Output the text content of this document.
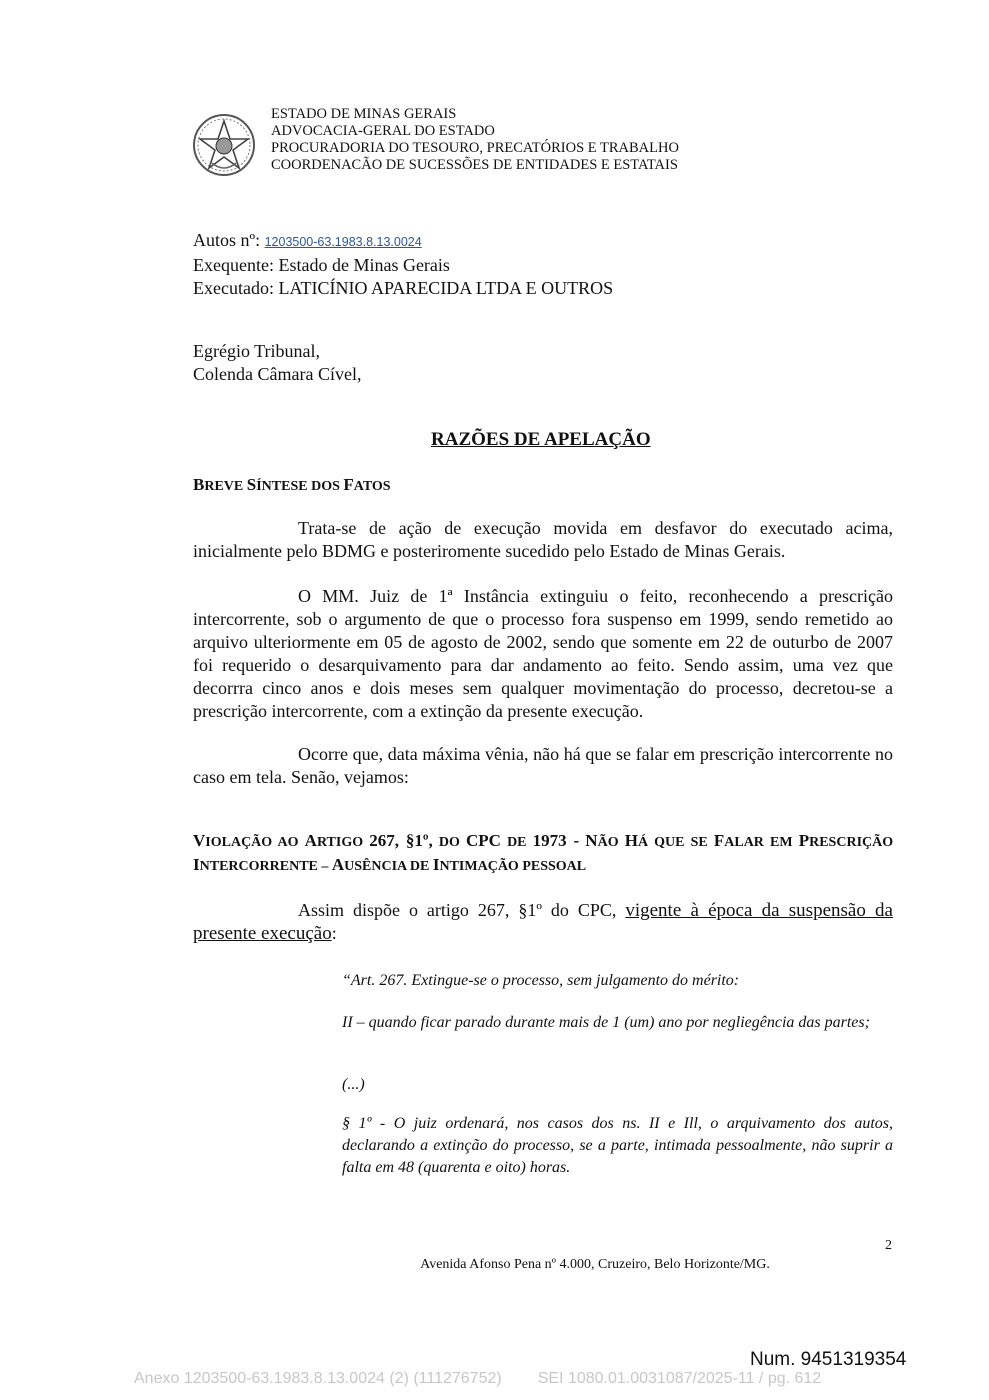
ESTADO DE MINAS GERAIS
ADVOCACIA-GERAL DO ESTADO
PROCURADORIA DO TESOURO, PRECATÓRIOS E TRABALHO
COORDENACÃO DE SUCESSÕES DE ENTIDADES E ESTATAIS
Autos nº: 1203500-63.1983.8.13.0024
Exequente: Estado de Minas Gerais
Executado: LATICÍNIO APARECIDA LTDA E OUTROS
Egrégio Tribunal,
Colenda Câmara Cível,
RAZÕES DE APELAÇÃO
BREVE SÍNTESE DOS FATOS
Trata-se de ação de execução movida em desfavor do executado acima, inicialmente pelo BDMG e posteriromente sucedido pelo Estado de Minas Gerais.
O MM. Juiz de 1ª Instância extinguiu o feito, reconhecendo a prescrição intercorrente, sob o argumento de que o processo fora suspenso em 1999, sendo remetido ao arquivo ulteriormente em 05 de agosto de 2002, sendo que somente em 22 de outurbo de 2007 foi requerido o desarquivamento para dar andamento ao feito. Sendo assim, uma vez que decorrra cinco anos e dois meses sem qualquer movimentação do processo, decretou-se a prescrição intercorrente, com a extinção da presente execução.
Ocorre que, data máxima vênia, não há que se falar em prescrição intercorrente no caso em tela. Senão, vejamos:
VIOLAÇÃO AO ARTIGO 267, §1º, DO CPC DE 1973 - NÃO HÁ QUE SE FALAR EM PRESCRIÇÃO INTERCORRENTE – AUSÊNCIA DE INTIMAÇÃO PESSOAL
Assim dispõe o artigo 267, §1º do CPC, vigente à época da suspensão da presente execução:
“Art. 267. Extingue-se o processo, sem julgamento do mérito:
II – quando ficar parado durante mais de 1 (um) ano por negliegência das partes;
(...)
§ 1º - O juiz ordenará, nos casos dos ns. II e Ill, o arquivamento dos autos, declarando a extinção do processo, se a parte, intimada pessoalmente, não suprir a falta em 48 (quarenta e oito) horas.
2
Avenida Afonso Pena nº 4.000, Cruzeiro, Belo Horizonte/MG.
Num. 9451319354
Anexo 1203500-63.1983.8.13.0024 (2) (111276752) SEI 1080.01.0031087/2025-11 / pg. 612
